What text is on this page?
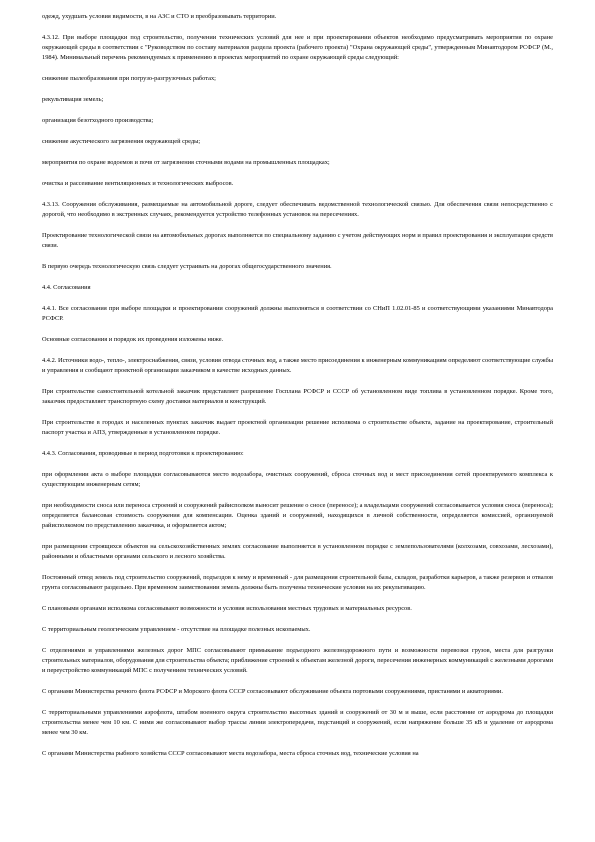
одежд, ухудшать условия видимости, в на АЗС и СТО и преобразовывать территории.

4.3.12. При выборе площадки под строительство, получении технических условий для нее и при проектировании объектов необходимо предусматривать мероприятия по охране окружающей среды в соответствии с "Руководством по составу материалов раздела проекта (рабочего проекта) "Охрана окружающей среды", утвержденным Минавтодором РСФСР (М., 1984). Минимальный перечень рекомендуемых к применению в проектах мероприятий по охране окружающей среды следующий:

снижение пылеобразования при погрузо-разгрузочных работах;

рекультивация земель;

организация безотходного производства;

снижение акустического загрязнения окружающей среды;

мероприятия по охране водоемов и почв от загрязнения сточными водами на промышленных площадках;

очистка и рассеивание вентиляционных и технологических выбросов.

4.3.13. Сооружения обслуживания, размещаемые на автомобильной дороге, следует обеспечивать ведомственной технологической связью. Для обеспечения связи непосредственно с дорогой, что необходимо в экстренных случаях, рекомендуется устройство телефонных установок на пересечениях.

Проектирование технологической связи на автомобильных дорогах выполняется по специальному заданию с учетом действующих норм и правил проектирования и эксплуатации средств связи.

В первую очередь технологическую связь следует устраивать на дорогах общегосударственного значения.

4.4. Согласования

4.4.1. Все согласования при выборе площадки и проектировании сооружений должны выполняться в соответствии со СНиП 1.02.01-85 и соответствующими указаниями Минавтодора РСФСР.

Основные согласования и порядок их проведения изложены ниже.

4.4.2. Источники водо-, тепло-, электроснабжения, связи, условия отвода сточных вод, а также место присоединения к инженерным коммуникациям определяют соответствующие службы и управления и сообщают проектной организации заказчиком в качестве исходных данных.

При строительстве самостоятельной котельной заказчик представляет разрешение Госплана РСФСР и СССР об установленном виде топлива в установленном порядке. Кроме того, заказчик предоставляет транспортную схему доставки материалов и конструкций.

При строительстве в городах и населенных пунктах заказчик выдает проектной организации решение исполкома о строительстве объекта, задание на проектирование, строительный паспорт участка и АПЗ, утвержденные в установленном порядке.

4.4.3. Согласования, проводимые в период подготовки к проектированию:

при оформлении акта о выборе площадки согласовываются место водозабора, очистных сооружений, сброса сточных вод и мест присоединения сетей проектируемого комплекса к существующим инженерным сетям;

при необходимости сноса или переноса строений и сооружений райисполком выносит решение о сносе (переносе); а владельцами сооружений согласовывается условия сноса (переноса); определяется балансовая стоимость сооружения для компенсации. Оценка зданий и сооружений, находящихся в личной собственности, определяется комиссией, организуемой райисполкомом по представлению заказчика, и оформляется актом;

при размещении строящихся объектов на сельскохозяйственных землях согласование выполняется в установленном порядке с землепользователями (колхозами, совхозами, лесхозами), районными и областными органами сельского и лесного хозяйства.

Постоянный отвод земель под строительство сооружений, подъездов к нему и временный - для размещения строительной базы, складов, разработки карьеров, а также резервов и отвалов грунта согласовывают раздельно. При временном заимствовании земель должны быть получены технические условия на их рекультивацию.

С плановыми органами исполкома согласовывают возможности и условия использования местных трудовых и материальных ресурсов.

С территориальным геологическим управлением - отсутствие на площадке полезных ископаемых.

С отделениями и управлениями железных дорог МПС согласовывают примыкание подъездного железнодорожного пути и возможности перевозки грузов, места для разгрузки строительных материалов, оборудования для строительства объекта; приближение строений к объектам железной дороги, пересечения инженерных коммуникаций с железными дорогами и переустройство коммуникаций МПС с получением технических условий.

С органами Министерства речного флота РСФСР и Морского флота СССР согласовывают обслуживание объекта портовыми сооружениями, пристанями и акваториями.

С территориальными управлениями аэрофлота, штабом военного округа строительство высотных зданий и сооружений от 30 м и выше, если расстояние от аэродрома до площадки строительства менее чем 10 км. С ними же согласовывают выбор трассы линии электропередачи, подстанций и сооружений, если напряжение больше 35 кВ и удаление от аэродрома менее чем 30 км.

С органами Министерства рыбного хозяйства СССР согласовывают места водозабора, места сброса сточных вод, технические условия на
